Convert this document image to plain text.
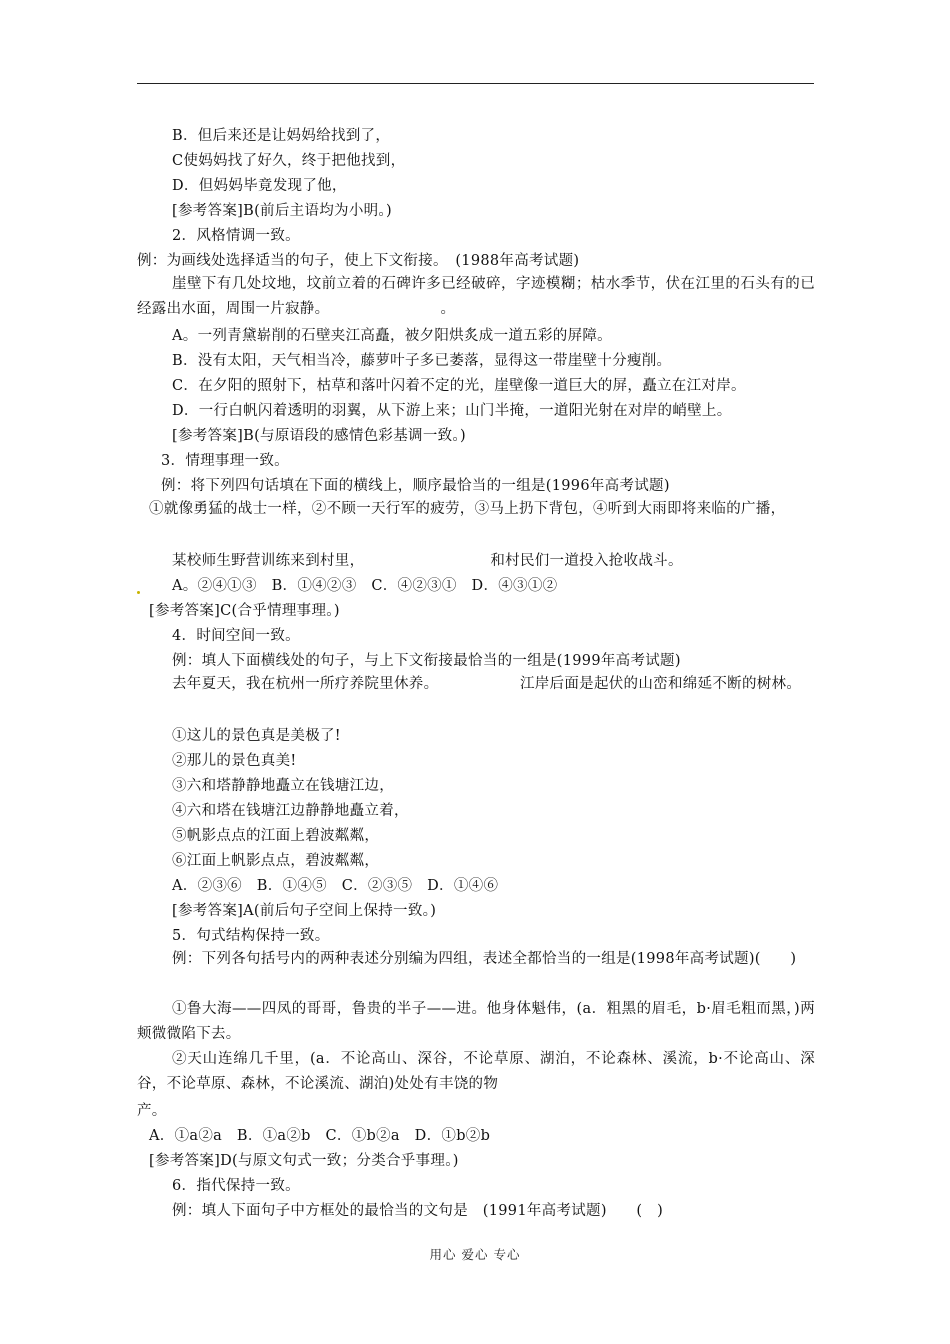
B．但后来还是让妈妈给找到了，
C使妈妈找了好久，终于把他找到，
D．但妈妈毕竟发现了他，
[参考答案]B(前后主语均为小明。)
2．风格情调一致。
例：为画线处选择适当的句子，使上下文衔接。　(1988年高考试题)
崖壁下有几处坟地，坟前立着的石碑许多已经破碎，字迹模糊；枯水季节，伏在江里的石头有的已经露出水面，周围一片寂静。　　　　　　　　。
A。一列青黛崭削的石壁夹江高矗，被夕阳烘炙成一道五彩的屏障。
B．没有太阳，天气相当冷，藤萝叶子多已萎落，显得这一带崖壁十分瘦削。
C．在夕阳的照射下，枯草和落叶闪着不定的光，崖壁像一道巨大的屏，矗立在江对岸。
D．一行白帆闪着透明的羽翼，从下游上来；山门半掩，一道阳光射在对岸的峭壁上。
[参考答案]B(与原语段的感情色彩基调一致。)
3．情理事理一致。
例：将下列四句话填在下面的横线上，顺序最恰当的一组是(1996年高考试题)
①就像勇猛的战士一样，②不顾一天行军的疲劳，③马上扔下背包，④听到大雨即将来临的广播，
某校师生野营训练来到村里，　　　　　　　　　和村民们一道投入抢收战斗。
A。②④①③　B．①④②③　C．④②③①　D．④③①②
[参考答案]C(合乎情理事理。)
4．时间空间一致。
例：填人下面横线处的句子，与上下文衔接最恰当的一组是(1999年高考试题)
去年夏天，我在杭州一所疗养院里休养。　　　　　　江岸后面是起伏的山峦和绵延不断的树林。
①这儿的景色真是美极了!
②那儿的景色真美!
③六和塔静静地矗立在钱塘江边，
④六和塔在钱塘江边静静地矗立着，
⑤帆影点点的江面上碧波粼粼，
⑥江面上帆影点点，碧波粼粼，
A．②③⑥　B．①④⑤　C．②③⑤　D．①④⑥
[参考答案]A(前后句子空间上保持一致。)
5．句式结构保持一致。
例：下列各句括号内的两种表述分别编为四组，表述全都恰当的一组是(1998年高考试题)(　　)
①鲁大海——四凤的哥哥，鲁贵的半子——进。他身体魁伟，(a．粗黑的眉毛，b·眉毛粗而黑，)两颊微微陷下去。
②天山连绵几千里，(a．不论高山、深谷，不论草原、湖泊，不论森林、溪流，b·不论高山、深谷，不论草原、森林，不论溪流、湖泊)处处有丰饶的物
产。
A．①a②a　B．①a②b　C．①b②a　D．①b②b
[参考答案]D(与原文句式一致；分类合乎事理。)
6．指代保持一致。
例：填人下面句子中方框处的最恰当的文句是　(1991年高考试题)　　(　)
用心 爱心 专心
